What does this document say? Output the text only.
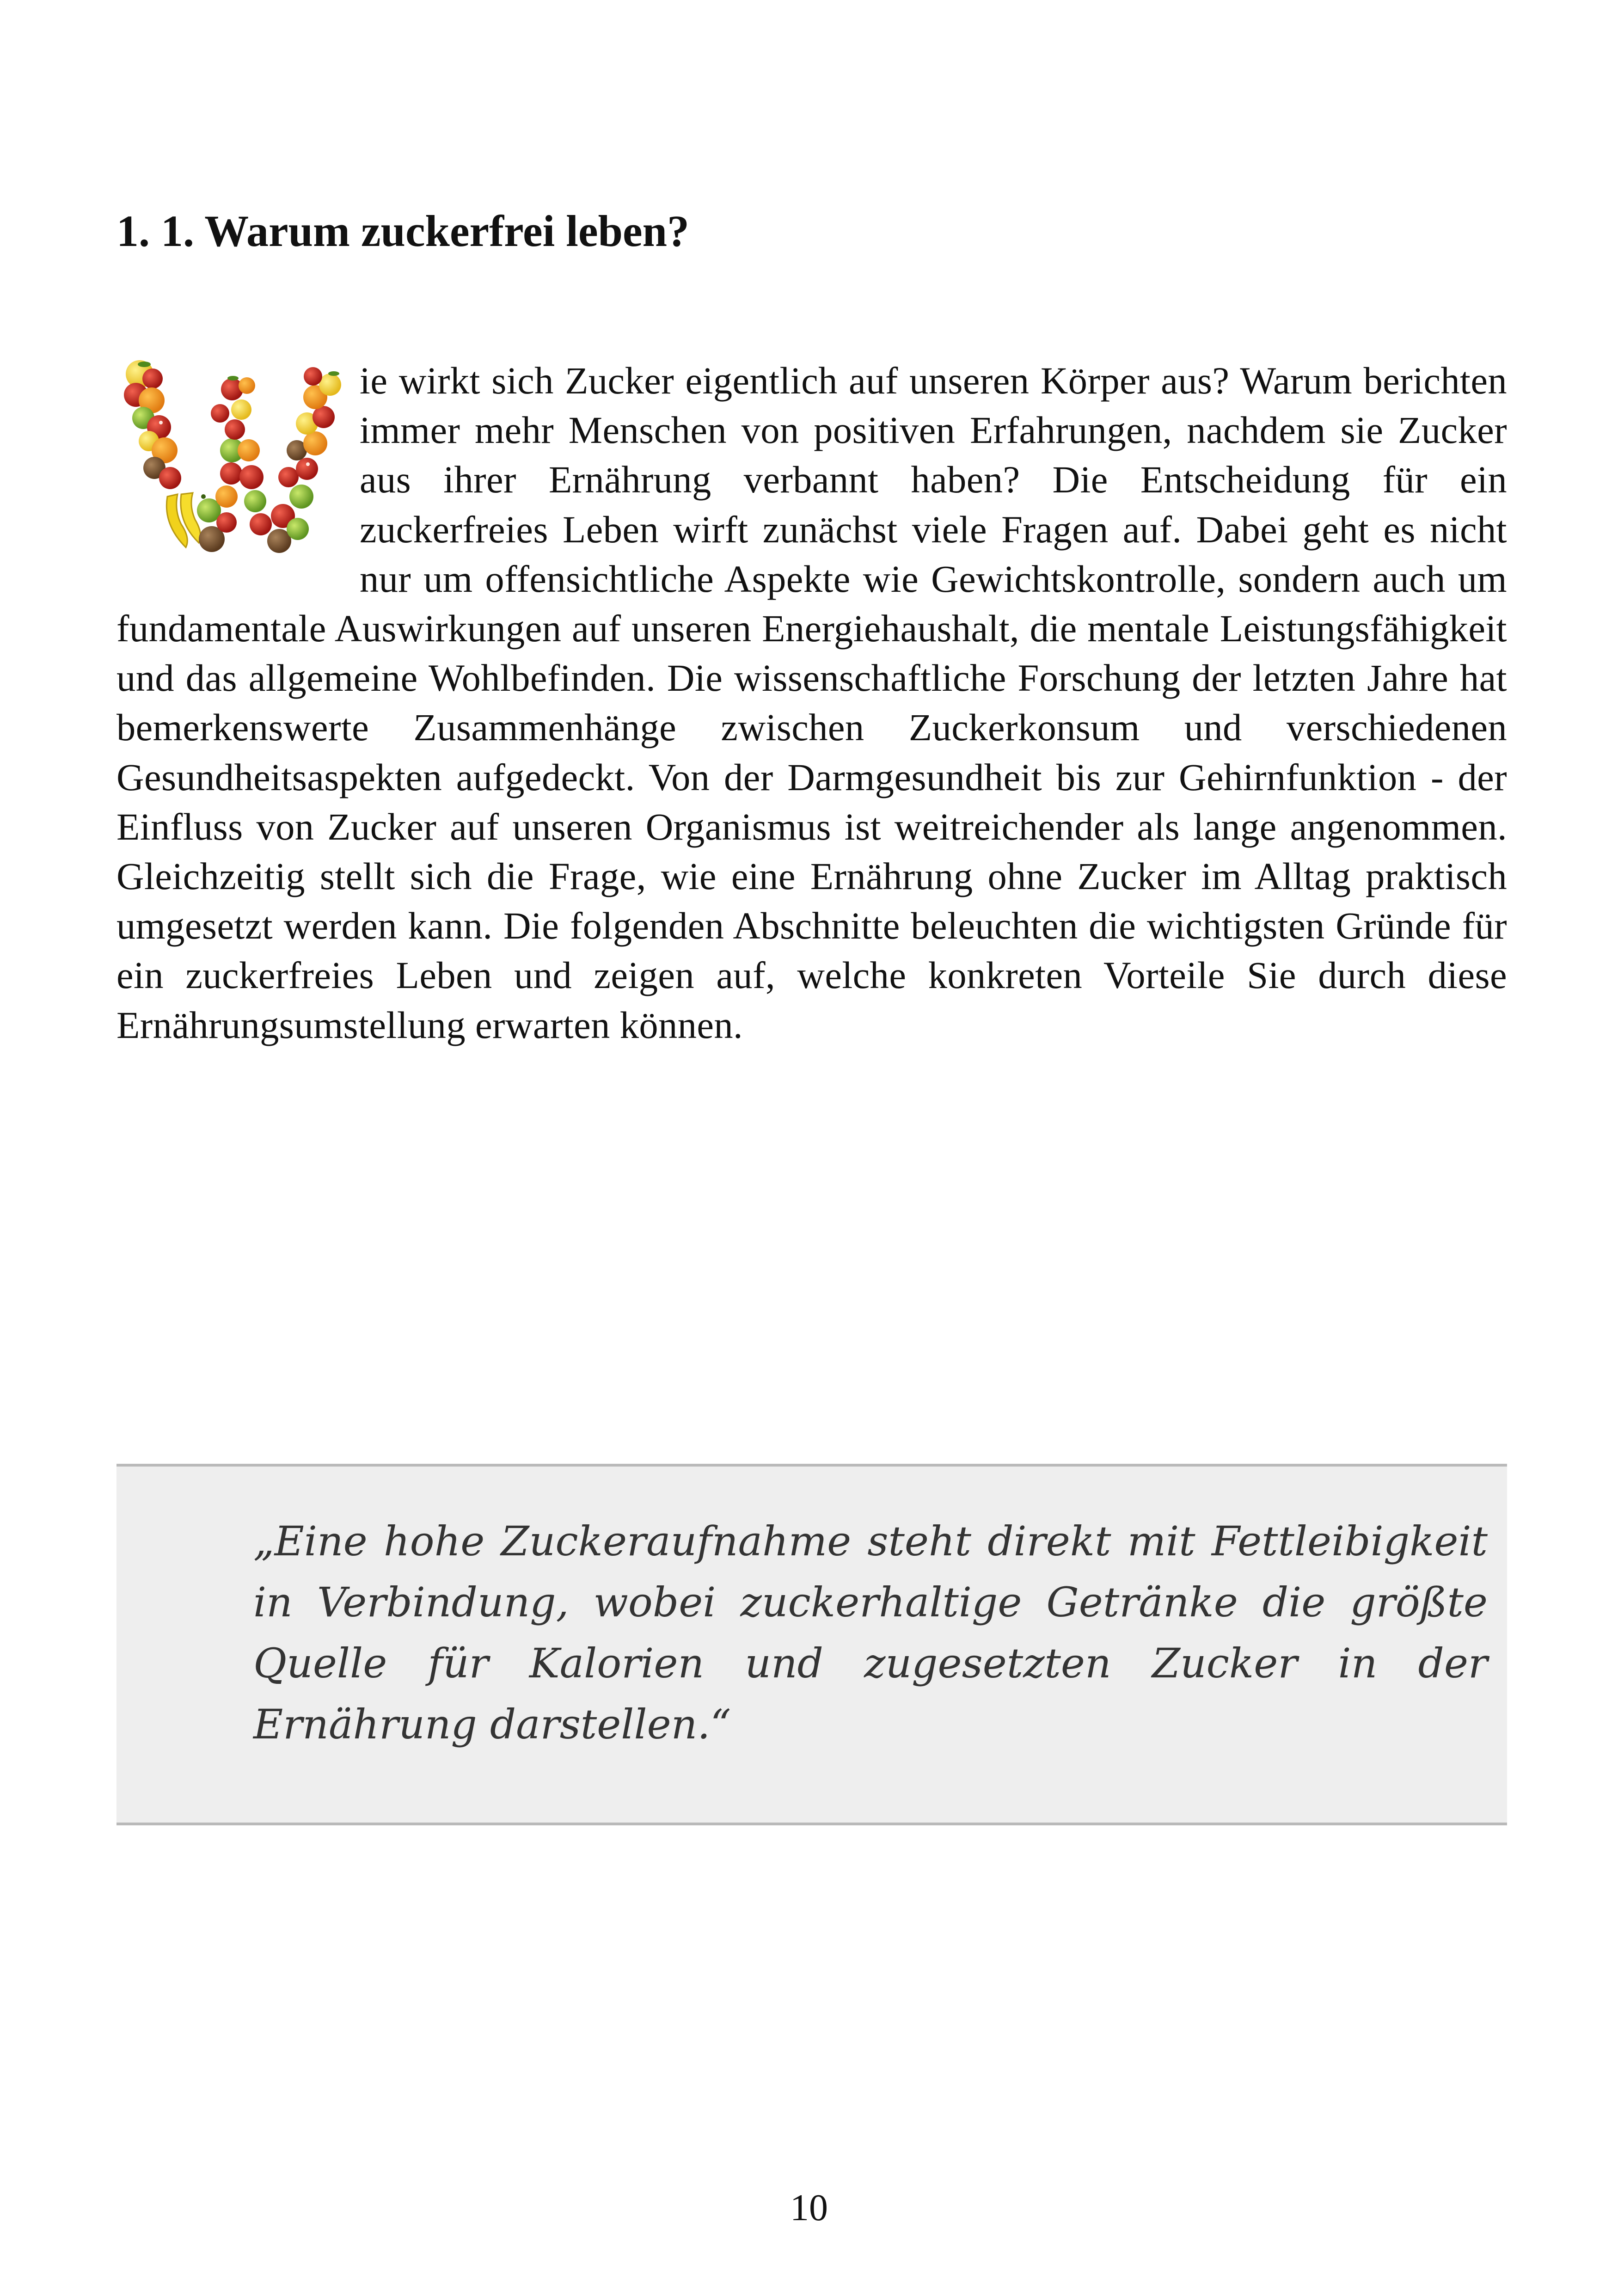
1. 1. Warum zuckerfrei leben?

ie wirkt sich Zucker eigentlich auf unseren Körper aus? Warum berichten immer mehr Menschen von positiven Erfahrungen, nachdem sie Zucker aus ihrer Ernährung verbannt haben? Die Entscheidung für ein zuckerfreies Leben wirft zunächst viele Fragen auf. Dabei geht es nicht nur um offensichtliche Aspekte wie Gewichtskontrolle, sondern auch um fundamentale Auswirkungen auf unseren Energiehaushalt, die mentale Leistungsfähigkeit und das allgemeine Wohlbefinden. Die wissenschaftliche Forschung der letzten Jahre hat bemerkenswerte Zusammenhänge zwischen Zuckerkonsum und verschiedenen Gesundheitsaspekten aufgedeckt. Von der Darmgesundheit bis zur Gehirnfunktion - der Einfluss von Zucker auf unseren Organismus ist weitreichender als lange angenommen. Gleichzeitig stellt sich die Frage, wie eine Ernährung ohne Zucker im Alltag praktisch umgesetzt werden kann. Die folgenden Abschnitte beleuchten die wichtigsten Gründe für ein zuckerfreies Leben und zeigen auf, welche konkreten Vorteile Sie durch diese Ernährungsumstellung erwarten können.

„Eine hohe Zuckeraufnahme steht direkt mit Fettleibigkeit in Verbindung, wobei zuckerhaltige Getränke die größte Quelle für Kalorien und zugesetzten Zucker in der Ernährung darstellen.“

10
